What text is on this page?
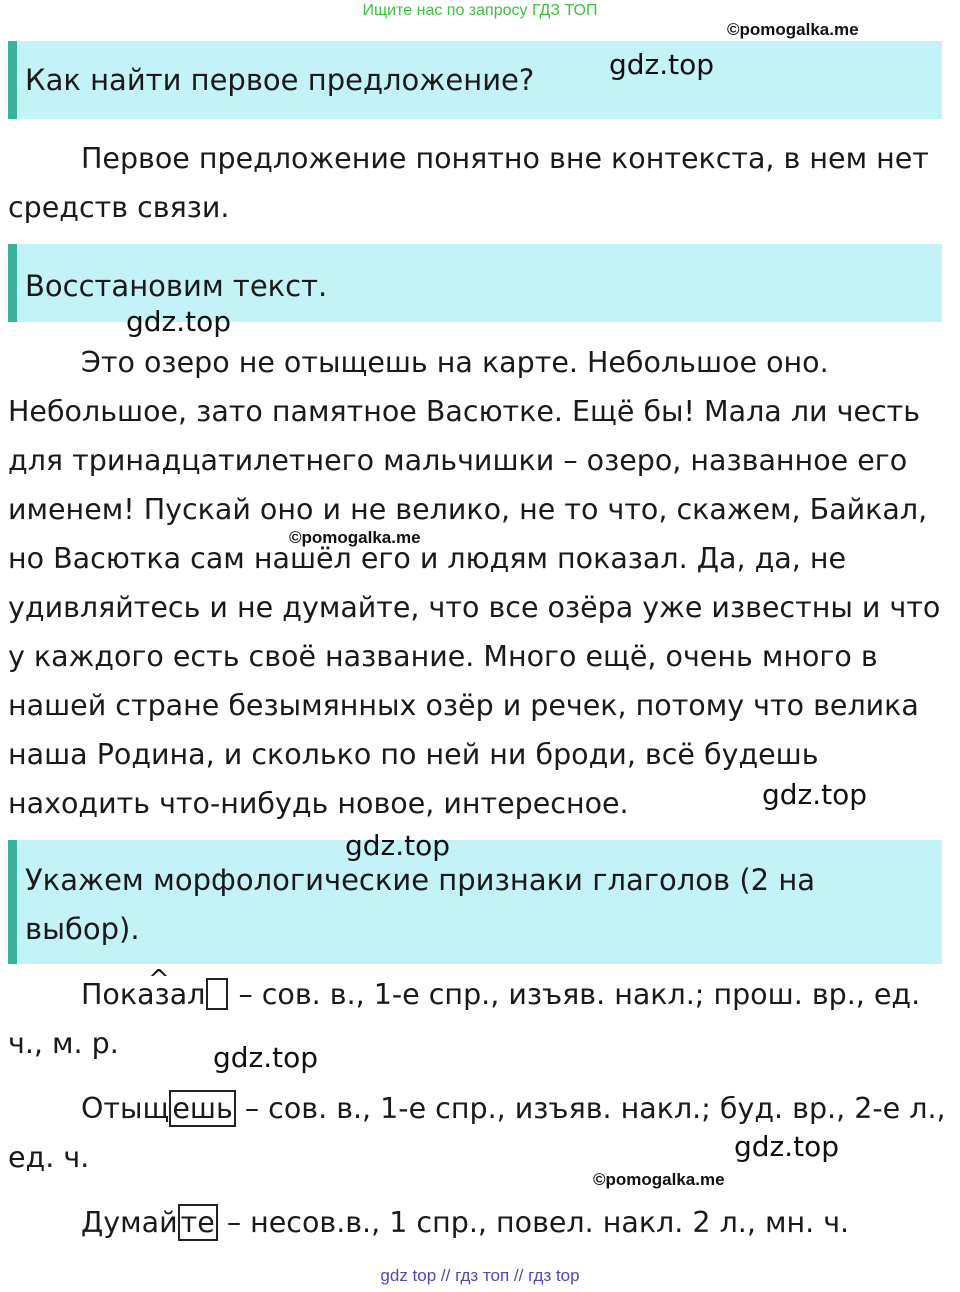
Ищите нас по запросу ГДЗ ТОП
©pomogalka.me
Как найти первое предложение?	gdz.top
Первое предложение понятно вне контекста, в нем нет
средств связи.
Восстановим текст.
gdz.top
Это озеро не отыщешь на карте. Небольшое оно.
Небольшое, зато памятное Васютке. Ещё бы! Мала ли честь
для тринадцатилетнего мальчишки – озеро, названное его
именем! Пускай оно и не велико, не то что, скажем, Байкал,
но Васютка сам нашёл его и людям показал. Да, да, не
удивляйтесь и не думайте, что все озёра уже известны и что
у каждого есть своё название. Много ещё, очень много в
нашей стране безымянных озёр и речек, потому что велика
наша Родина, и сколько по ней ни броди, всё будешь
находить что-нибудь новое, интересное.
©pomogalka.me
gdz.top
Укажем морфологические признаки глаголов (2 на
выбор).
gdz.top
^ Показал – сов. в., 1-е спр., изъяв. накл.; прош. вр., ед.
ч., м. р.	gdz.top
Отыщ ешь – сов. в., 1-е спр., изъяв. накл.; буд. вр., 2-е л.,
ед. ч.	gdz.top
©pomogalka.me
Думай те – несов.в., 1 спр., повел. накл. 2 л., мн. ч.
gdz top // гдз топ // гдз top
